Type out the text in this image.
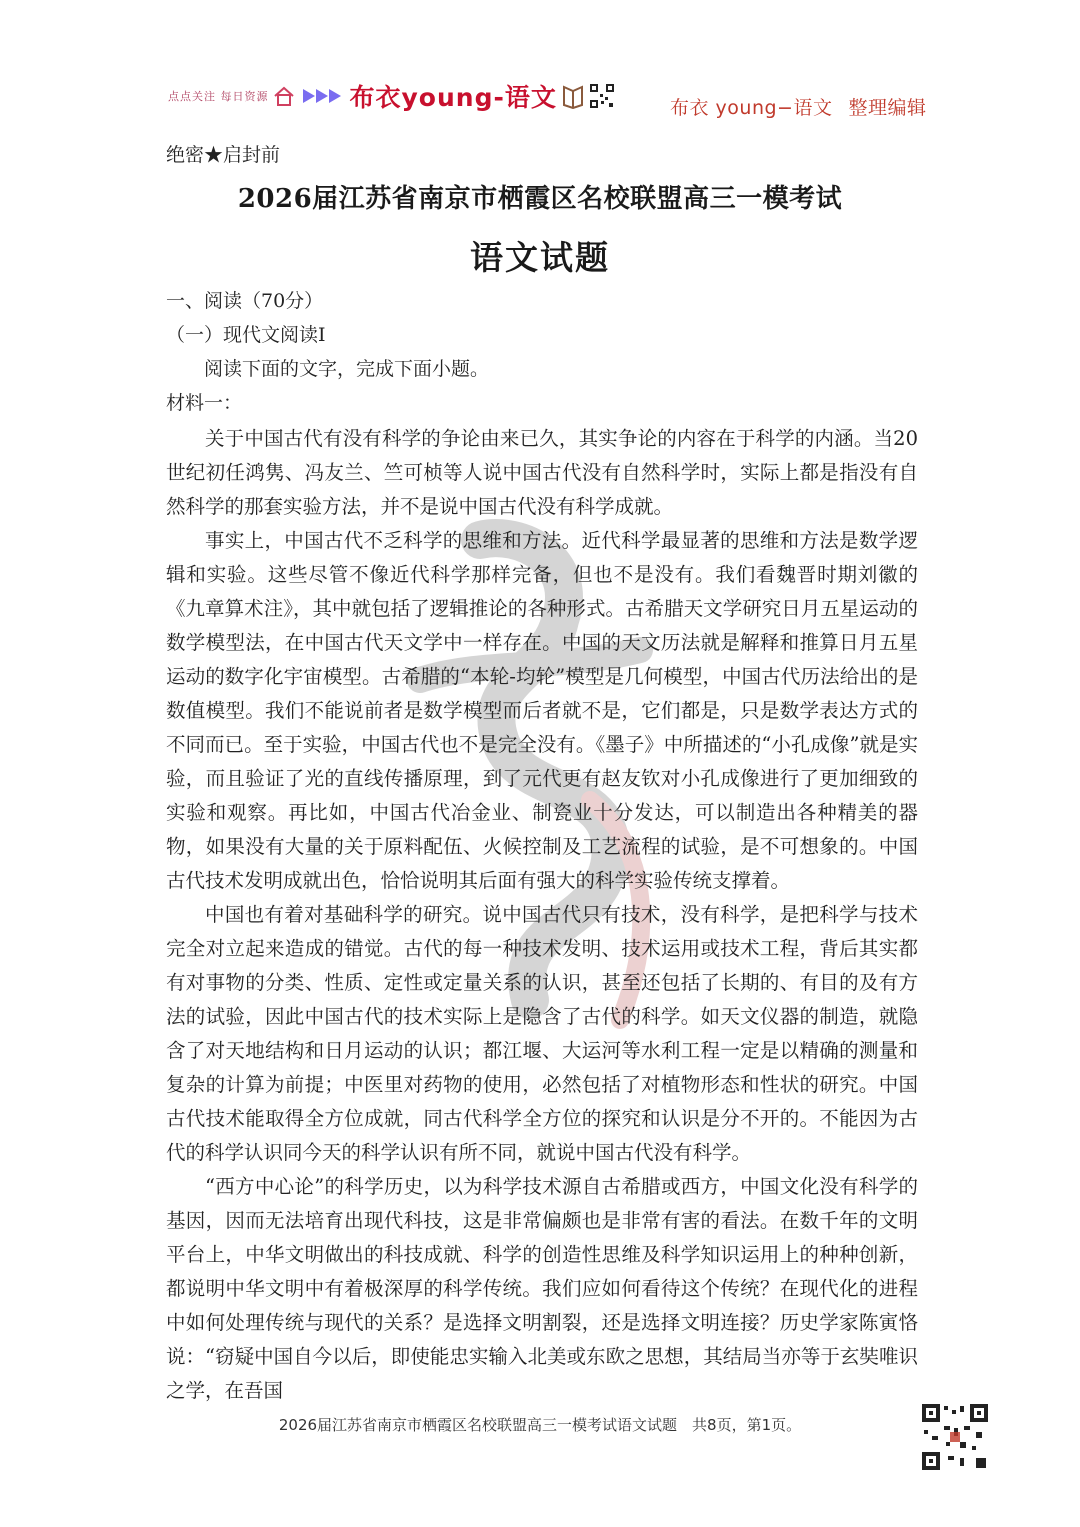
点点关注 每日资源	布衣young-语文	布衣 young−语文 整理编辑
绝密★启封前
2026届江苏省南京市栖霞区名校联盟高三一模考试
语文试题
一、阅读（70分）
（一）现代文阅读I
阅读下面的文字，完成下面小题。
材料一：

关于中国古代有没有科学的争论由来已久，其实争论的内容在于科学的内涵。当20世纪初任鸿隽、冯友兰、竺可桢等人说中国古代没有自然科学时，实际上都是指没有自然科学的那套实验方法，并不是说中国古代没有科学成就。

事实上，中国古代不乏科学的思维和方法。近代科学最显著的思维和方法是数学逻辑和实验。这些尽管不像近代科学那样完备，但也不是没有。我们看魏晋时期刘徽的《九章算术注》，其中就包括了逻辑推论的各种形式。古希腊天文学研究日月五星运动的数学模型法，在中国古代天文学中一样存在。中国的天文历法就是解释和推算日月五星运动的数字化宇宙模型。古希腊的“本轮-均轮”模型是几何模型，中国古代历法给出的是数值模型。我们不能说前者是数学模型而后者就不是，它们都是，只是数学表达方式的不同而已。至于实验，中国古代也不是完全没有。《墨子》中所描述的“小孔成像”就是实验，而且验证了光的直线传播原理，到了元代更有赵友钦对小孔成像进行了更加细致的实验和观察。再比如，中国古代冶金业、制瓷业十分发达，可以制造出各种精美的器物，如果没有大量的关于原料配伍、火候控制及工艺流程的试验，是不可想象的。中国古代技术发明成就出色，恰恰说明其后面有强大的科学实验传统支撑着。

中国也有着对基础科学的研究。说中国古代只有技术，没有科学，是把科学与技术完全对立起来造成的错觉。古代的每一种技术发明、技术运用或技术工程，背后其实都有对事物的分类、性质、定性或定量关系的认识，甚至还包括了长期的、有目的及有方法的试验，因此中国古代的技术实际上是隐含了古代的科学。如天文仪器的制造，就隐含了对天地结构和日月运动的认识；都江堰、大运河等水利工程一定是以精确的测量和复杂的计算为前提；中医里对药物的使用，必然包括了对植物形态和性状的研究。中国古代技术能取得全方位成就，同古代科学全方位的探究和认识是分不开的。不能因为古代的科学认识同今天的科学认识有所不同，就说中国古代没有科学。

“西方中心论”的科学历史，以为科学技术源自古希腊或西方，中国文化没有科学的基因，因而无法培育出现代科技，这是非常偏颇也是非常有害的看法。在数千年的文明平台上，中华文明做出的科技成就、科学的创造性思维及科学知识运用上的种种创新，都说明中华文明中有着极深厚的科学传统。我们应如何看待这个传统？在现代化的进程中如何处理传统与现代的关系？是选择文明割裂，还是选择文明连接？历史学家陈寅恪说：“窃疑中国自今以后，即使能忠实输入北美或东欧之思想，其结局当亦等于玄奘唯识之学，在吾国

2026届江苏省南京市栖霞区名校联盟高三一模考试语文试题　共8页，第1页。
